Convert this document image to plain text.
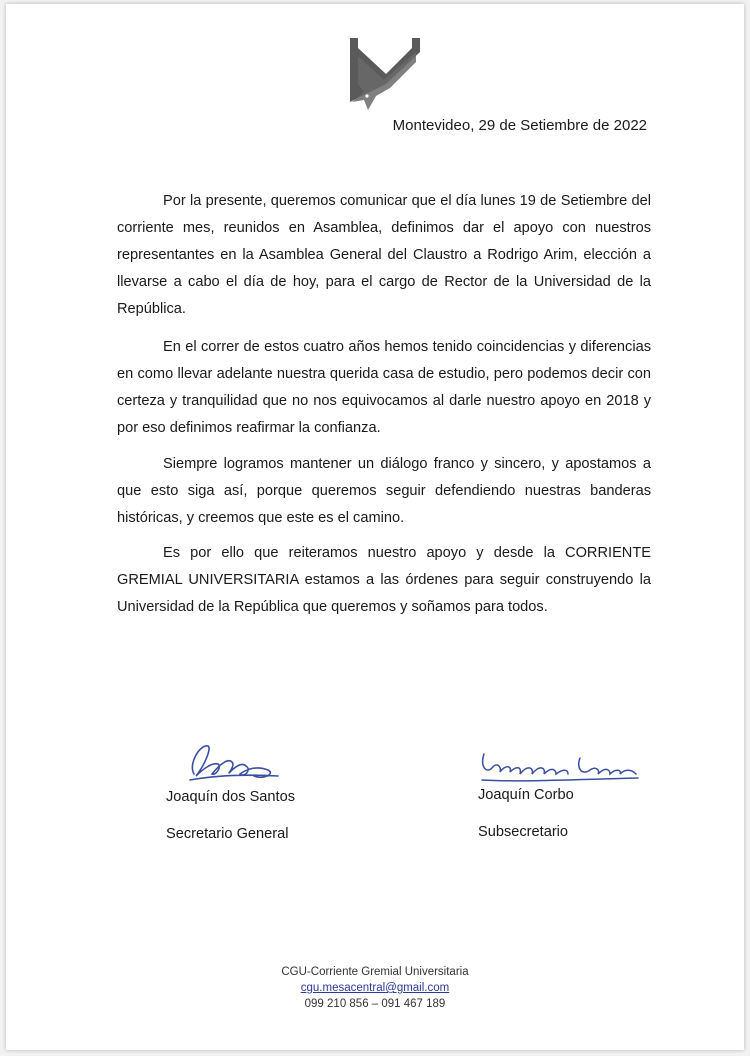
Montevideo, 29 de Setiembre de 2022

Por la presente, queremos comunicar que el día lunes 19 de Setiembre del corriente mes, reunidos en Asamblea, definimos dar el apoyo con nuestros representantes en la Asamblea General del Claustro a Rodrigo Arim, elección a llevarse a cabo el día de hoy, para el cargo de Rector de la Universidad de la República.

En el correr de estos cuatro años hemos tenido coincidencias y diferencias en como llevar adelante nuestra querida casa de estudio, pero podemos decir con certeza y tranquilidad que no nos equivocamos al darle nuestro apoyo en 2018 y por eso definimos reafirmar la confianza.

Siempre logramos mantener un diálogo franco y sincero, y apostamos a que esto siga así, porque queremos seguir defendiendo nuestras banderas históricas, y creemos que este es el camino.

Es por ello que reiteramos nuestro apoyo y desde la CORRIENTE GREMIAL UNIVERSITARIA estamos a las órdenes para seguir construyendo la Universidad de la República que queremos y soñamos para todos.

Joaquín dos Santos
Secretario General
Joaquín Corbo
Subsecretario
CGU-Corriente Gremial Universitaria
cgu.mesacentral@gmail.com
099 210 856 – 091 467 189
